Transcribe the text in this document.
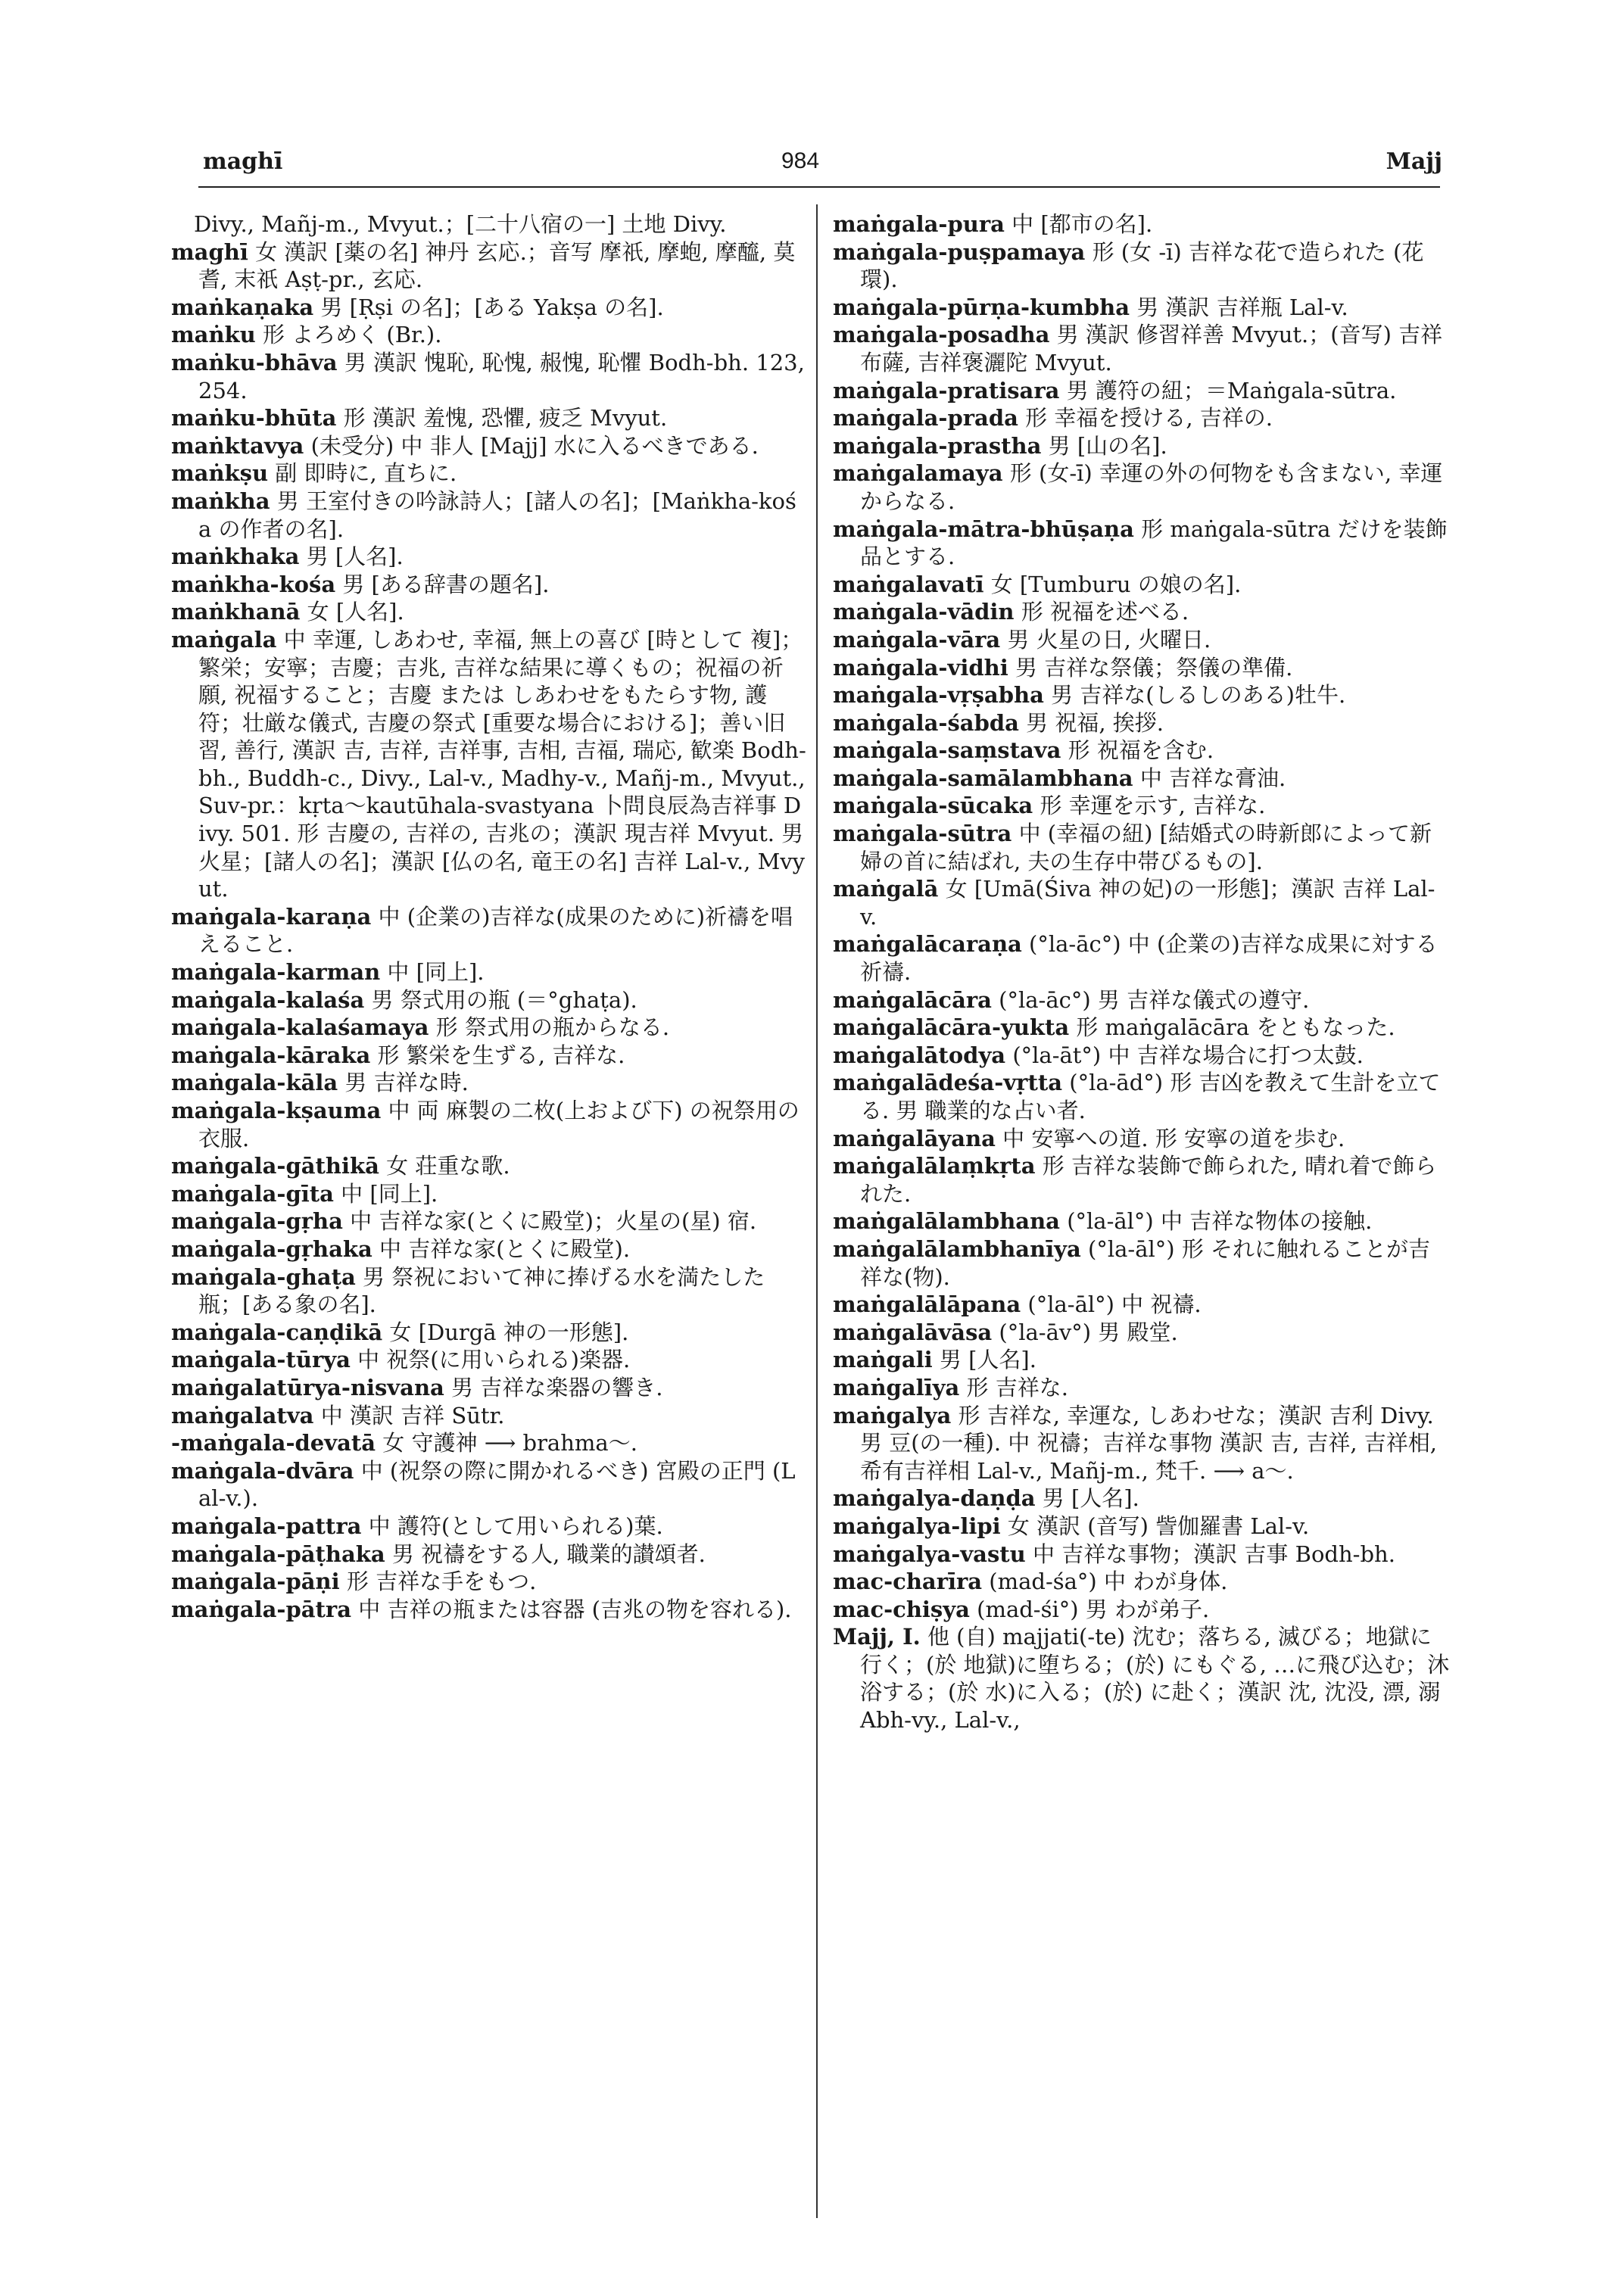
maghī	984	Majj
Divy., Mañj-m., Mvyut.；[二十八宿の一] 土地 Divy.
maghī 女 漢訳 [薬の名] 神丹 玄応.；音写 摩祇, 摩蚫, 摩醯, 莫耆, 末祇 Aṣṭ-pr., 玄応.
maṅkaṇaka 男 [Ṛṣi の名]；[ある Yakṣa の名].
maṅku 形 よろめく (Br.).
maṅku-bhāva 男 漢訳 愧恥, 恥愧, 赧愧, 恥懼 Bodh-bh. 123, 254.
maṅku-bhūta 形 漢訳 羞愧, 恐懼, 疲乏 Mvyut.
maṅktavya (未受分) 中 非人 [Majj] 水に入るべきである.
maṅkṣu 副 即時に, 直ちに.
maṅkha 男 王室付きの吟詠詩人；[諸人の名]；[Maṅkha-kośa の作者の名].
maṅkhaka 男 [人名].
maṅkha-kośa 男 [ある辞書の題名].
maṅkhanā 女 [人名].
maṅgala 中 幸運, しあわせ, 幸福, 無上の喜び [時として 複]；繁栄；安寧；吉慶；吉兆, 吉祥な結果に導くもの；祝福の祈願, 祝福すること；吉慶 または しあわせをもたらす物, 護符；壮厳な儀式, 吉慶の祭式 [重要な場合における]；善い旧習, 善行, 漢訳 吉, 吉祥, 吉祥事, 吉相, 吉福, 瑞応, 歓楽 Bodh-bh., Buddh-c., Divy., Lal-v., Madhy-v., Mañj-m., Mvyut., Suv-pr.：kṛta～kautūhala-svastyana 卜問良辰為吉祥事 Divy. 501. 形 吉慶の, 吉祥の, 吉兆の；漢訳 現吉祥 Mvyut. 男 火星；[諸人の名]；漢訳 [仏の名, 竜王の名] 吉祥 Lal-v., Mvyut.
maṅgala-karaṇa 中 (企業の)吉祥な(成果のために)祈禱を唱えること.
maṅgala-karman 中 [同上].
maṅgala-kalaśa 男 祭式用の瓶 (＝°ghaṭa).
maṅgala-kalaśamaya 形 祭式用の瓶からなる.
maṅgala-kāraka 形 繁栄を生ずる, 吉祥な.
maṅgala-kāla 男 吉祥な時.
maṅgala-kṣauma 中 両 麻製の二枚(上および下) の祝祭用の衣服.
maṅgala-gāthikā 女 荘重な歌.
maṅgala-gīta 中 [同上].
maṅgala-gṛha 中 吉祥な家(とくに殿堂)；火星の(星) 宿.
maṅgala-gṛhaka 中 吉祥な家(とくに殿堂).
maṅgala-ghaṭa 男 祭祝において神に捧げる水を満たした瓶；[ある象の名].
maṅgala-caṇḍikā 女 [Durgā 神の一形態].
maṅgala-tūrya 中 祝祭(に用いられる)楽器.
maṅgalatūrya-nisvana 男 吉祥な楽器の響き.
maṅgalatva 中 漢訳 吉祥 Sūtr.
-maṅgala-devatā 女 守護神 ⟶ brahma～.
maṅgala-dvāra 中 (祝祭の際に開かれるべき) 宮殿の正門 (Lal-v.).
maṅgala-pattra 中 護符(として用いられる)葉.
maṅgala-pāṭhaka 男 祝禱をする人, 職業的讃頌者.
maṅgala-pāṇi 形 吉祥な手をもつ.
maṅgala-pātra 中 吉祥の瓶または容器 (吉兆の物を容れる).
maṅgala-pura 中 [都市の名].
maṅgala-puṣpamaya 形 (女 -ī) 吉祥な花で造られた (花環).
maṅgala-pūrṇa-kumbha 男 漢訳 吉祥瓶 Lal-v.
maṅgala-posadha 男 漢訳 修習祥善 Mvyut.；(音写) 吉祥布薩, 吉祥褒灑陀 Mvyut.
maṅgala-pratisara 男 護符の紐；＝Maṅgala-sūtra.
maṅgala-prada 形 幸福を授ける, 吉祥の.
maṅgala-prastha 男 [山の名].
maṅgalamaya 形 (女-ī) 幸運の外の何物をも含まない, 幸運からなる.
maṅgala-mātra-bhūṣaṇa 形 maṅgala-sūtra だけを装飾品とする.
maṅgalavatī 女 [Tumburu の娘の名].
maṅgala-vādin 形 祝福を述べる.
maṅgala-vāra 男 火星の日, 火曜日.
maṅgala-vidhi 男 吉祥な祭儀；祭儀の準備.
maṅgala-vṛṣabha 男 吉祥な(しるしのある)牡牛.
maṅgala-śabda 男 祝福, 挨拶.
maṅgala-saṃstava 形 祝福を含む.
maṅgala-samālambhana 中 吉祥な膏油.
maṅgala-sūcaka 形 幸運を示す, 吉祥な.
maṅgala-sūtra 中 (幸福の紐) [結婚式の時新郎によって新婦の首に結ばれ, 夫の生存中帯びるもの].
maṅgalā 女 [Umā(Śiva 神の妃)の一形態]；漢訳 吉祥 Lal-v.
maṅgalācaraṇa (°la-āc°) 中 (企業の)吉祥な成果に対する祈禱.
maṅgalācāra (°la-āc°) 男 吉祥な儀式の遵守.
maṅgalācāra-yukta 形 maṅgalācāra をともなった.
maṅgalātodya (°la-āt°) 中 吉祥な場合に打つ太鼓.
maṅgalādeśa-vṛtta (°la-ād°) 形 吉凶を教えて生計を立てる. 男 職業的な占い者.
maṅgalāyana 中 安寧への道. 形 安寧の道を歩む.
maṅgalālaṃkṛta 形 吉祥な装飾で飾られた, 晴れ着で飾られた.
maṅgalālambhana (°la-āl°) 中 吉祥な物体の接触.
maṅgalālambhanīya (°la-āl°) 形 それに触れることが吉祥な(物).
maṅgalālāpana (°la-āl°) 中 祝禱.
maṅgalāvāsa (°la-āv°) 男 殿堂.
maṅgali 男 [人名].
maṅgalīya 形 吉祥な.
maṅgalya 形 吉祥な, 幸運な, しあわせな；漢訳 吉利 Divy. 男 豆(の一種). 中 祝禱；吉祥な事物 漢訳 吉, 吉祥, 吉祥相, 希有吉祥相 Lal-v., Mañj-m., 梵千. ⟶ a～.
maṅgalya-daṇḍa 男 [人名].
maṅgalya-lipi 女 漢訳 (音写) 訾伽羅書 Lal-v.
maṅgalya-vastu 中 吉祥な事物；漢訳 吉事 Bodh-bh.
mac-charīra (mad-śa°) 中 わが身体.
mac-chiṣya (mad-śi°) 男 わが弟子.
Majj, I. 他 (自) majjati(-te) 沈む；落ちる, 滅びる；地獄に行く；(於 地獄)に堕ちる；(於) にもぐる, …に飛び込む；沐浴する；(於 水)に入る；(於) に赴く；漢訳 沈, 沈没, 漂, 溺 Abh-vy., Lal-v.,
